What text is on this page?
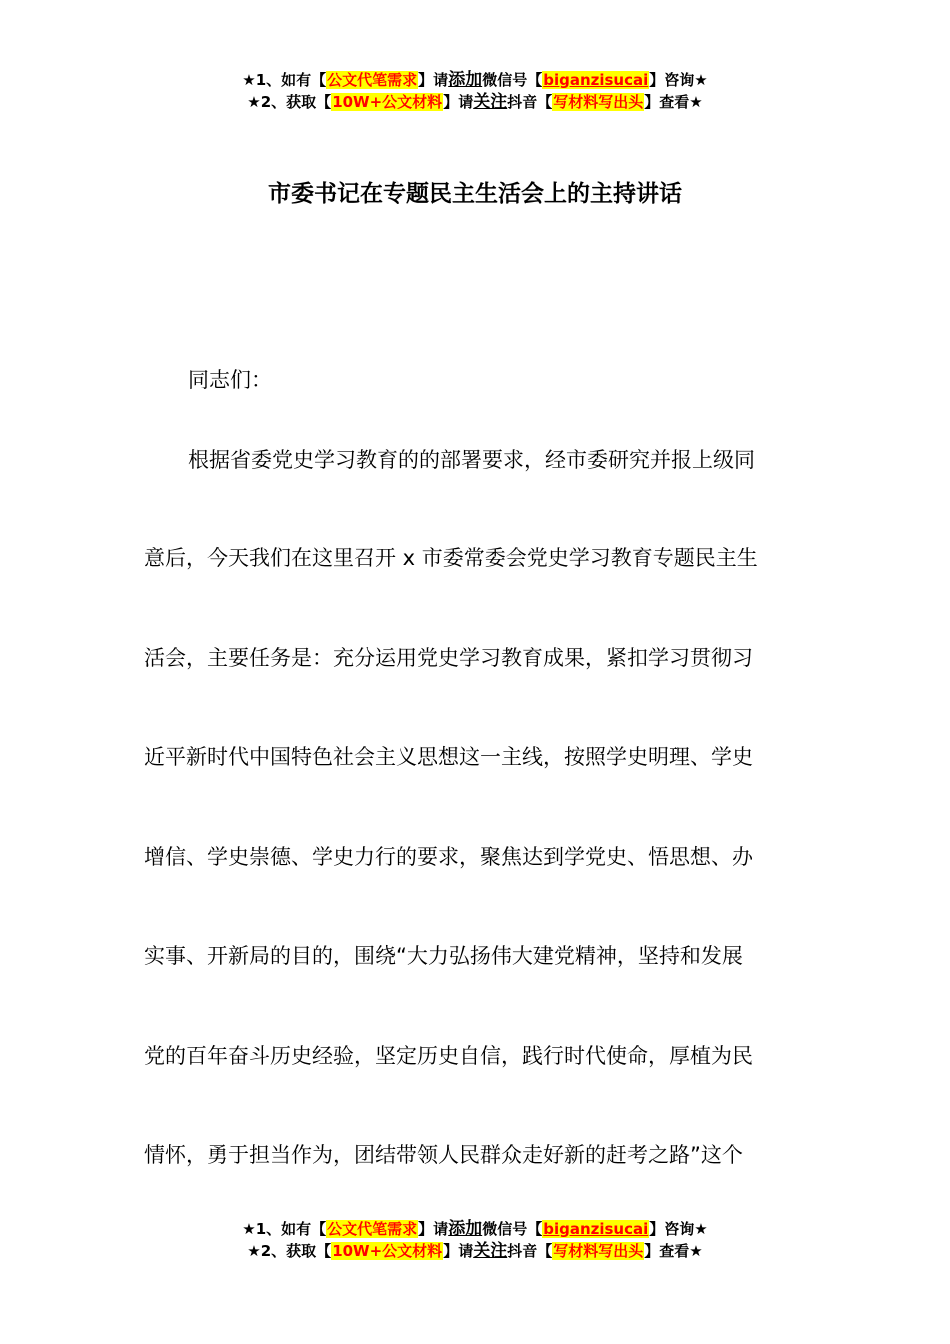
★1、如有【公文代笔需求】请添加微信号【biganzisucai】咨询★
★2、获取【10W+公文材料】请关注抖音【写材料写出头】查看★
市委书记在专题民主生活会上的主持讲话
同志们：
根据省委党史学习教育的的部署要求，经市委研究并报上级同
意后，今天我们在这里召开 x 市委常委会党史学习教育专题民主生
活会，主要任务是：充分运用党史学习教育成果，紧扣学习贯彻习
近平新时代中国特色社会主义思想这一主线，按照学史明理、学史
增信、学史崇德、学史力行的要求，聚焦达到学党史、悟思想、办
实事、开新局的目的，围绕“大力弘扬伟大建党精神，坚持和发展
党的百年奋斗历史经验，坚定历史自信，践行时代使命，厚植为民
情怀，勇于担当作为，团结带领人民群众走好新的赶考之路”这个
★1、如有【公文代笔需求】请添加微信号【biganzisucai】咨询★
★2、获取【10W+公文材料】请关注抖音【写材料写出头】查看★
